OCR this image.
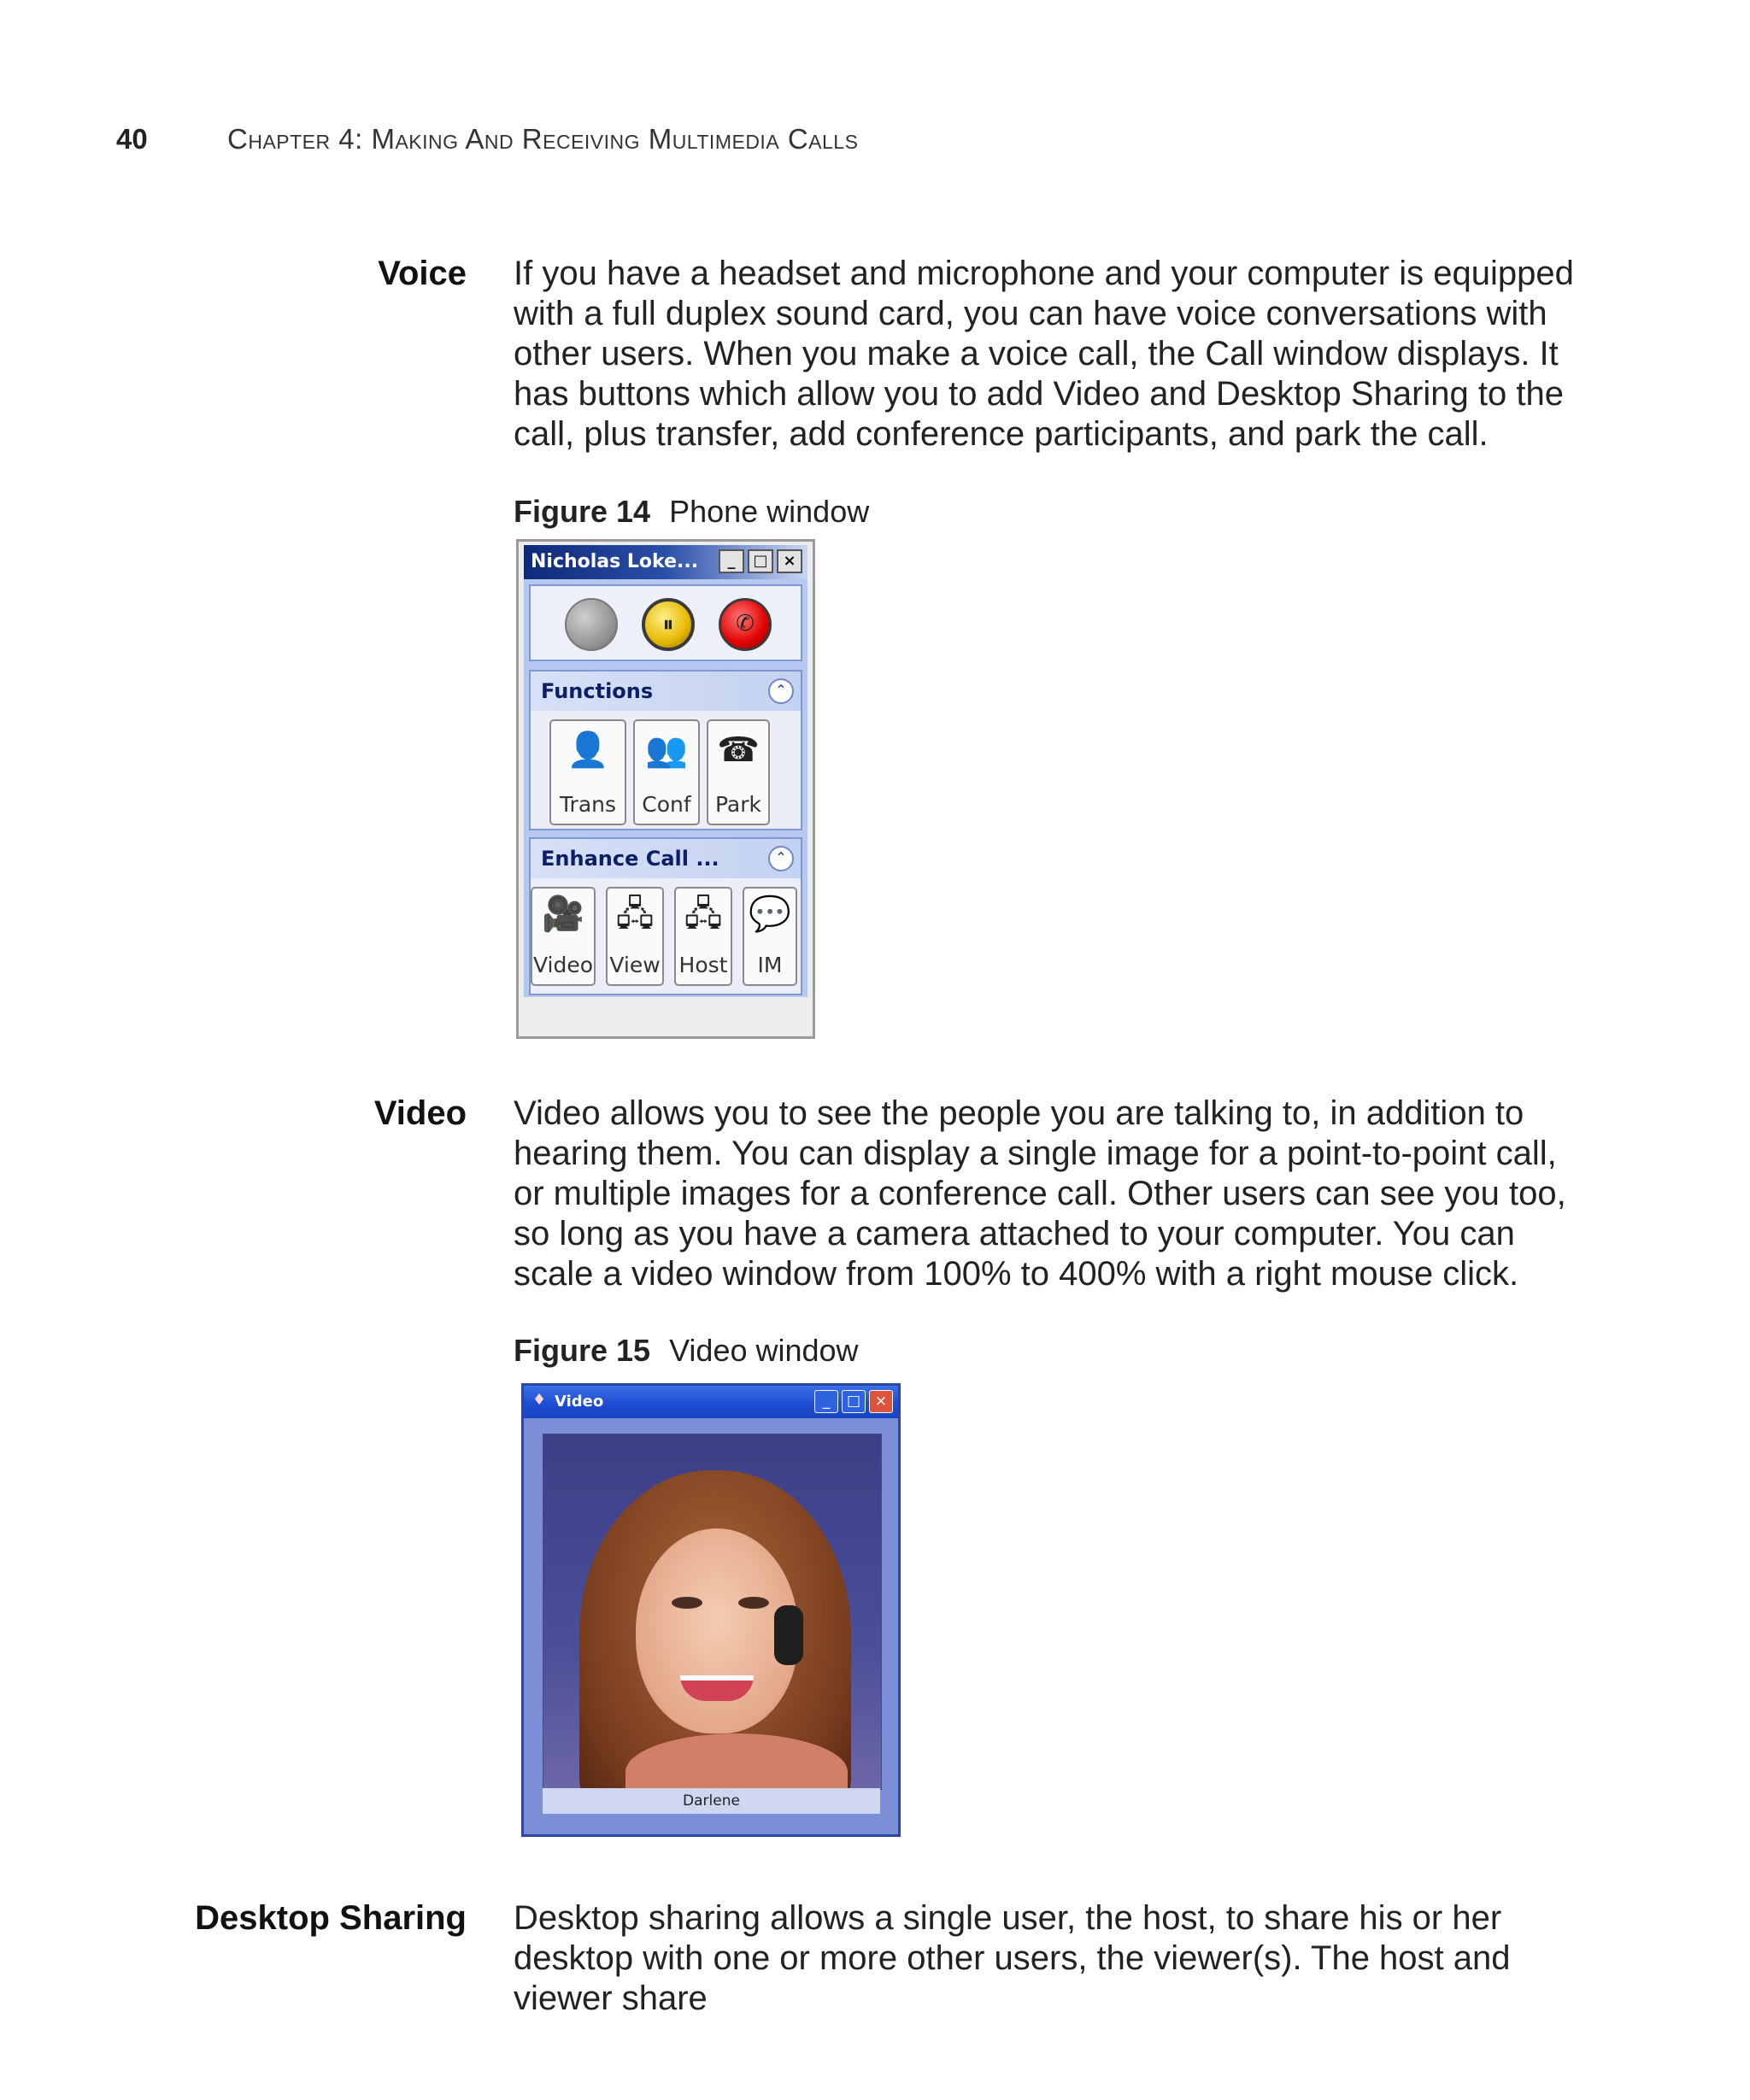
40	Chapter 4: Making And Receiving Multimedia Calls
Voice If you have a headset and microphone and your computer is equipped with a full duplex sound card, you can have voice conversations with other users. When you make a voice call, the Call window displays. It has buttons which allow you to add Video and Desktop Sharing to the call, plus transfer, add conference participants, and park the call.
Figure 14 Phone window
Nicholas Loke...	_	□ ×
⏸	✆
Functions	⌃
👤
Trans
👥
Conf
☎
Park
Enhance Call ...	⌃
🎥
Video
🖧
View
🖧
Host
💬
IM
Video Video allows you to see the people you are talking to, in addition to hearing them. You can display a single image for a point-to-point call, or multiple images for a conference call. Other users can see you too, so long as you have a camera attached to your computer. You can scale a video window from 100% to 400% with a right mouse click.
Figure 15 Video window
♦ Video	_	□ ×
Darlene
Desktop Sharing Desktop sharing allows a single user, the host, to share his or her desktop with one or more other users, the viewer(s). The host and viewer share
